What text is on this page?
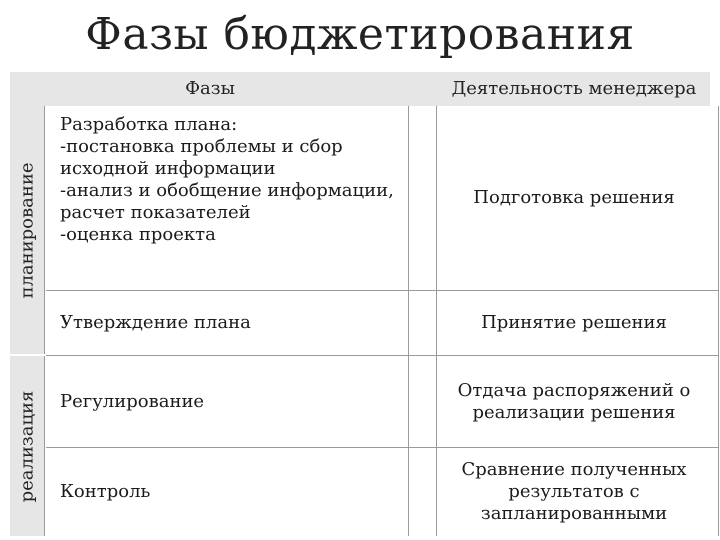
Фазы бюджетирования
Фазы	Деятельность менеджера
планирование
реализация
Разработка плана:
-постановка проблемы и сбор исходной информации
-анализ и обобщение информации, расчет показателей
-оценка проекта
Подготовка решения
Утверждение плана	Принятие решения
Регулирование
Отдача распоряжений о реализации решения
Контроль
Сравнение полученных результатов с запланированными
